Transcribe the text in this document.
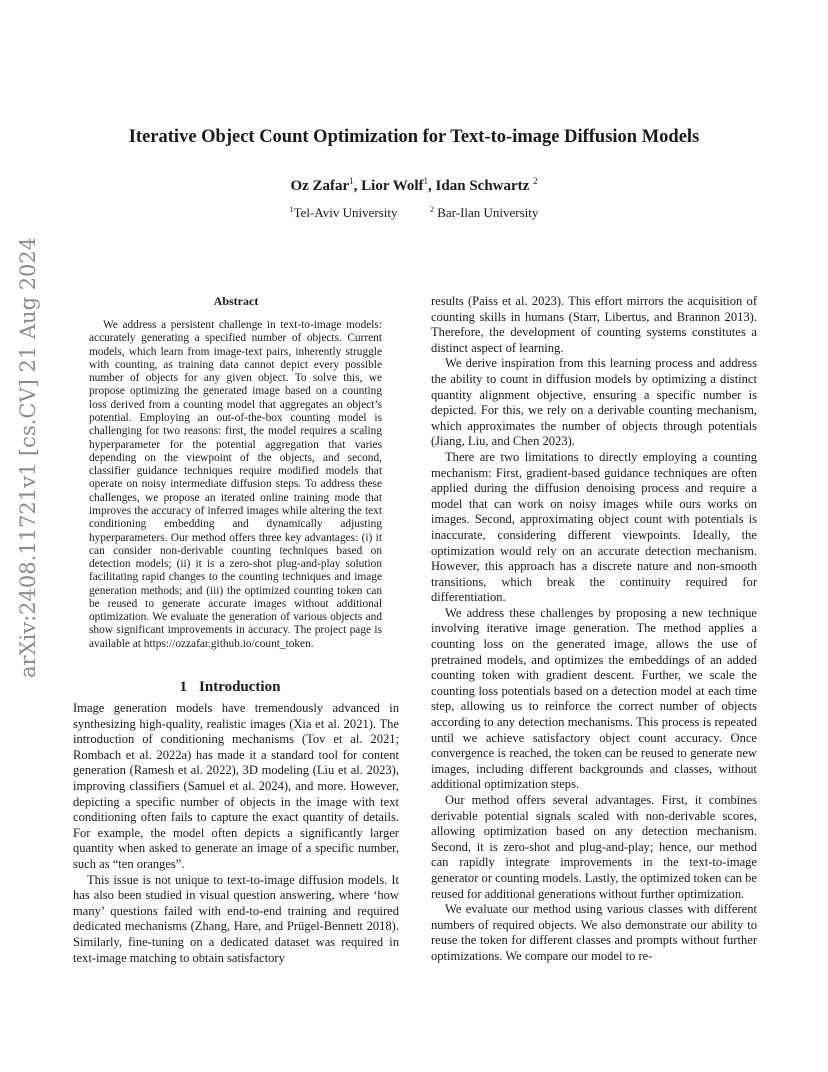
Iterative Object Count Optimization for Text-to-image Diffusion Models
Oz Zafar$^1$, Lior Wolf$^1$, Idan Schwartz $^2$
$^1$Tel-Aviv University	$^2$ Bar-Ilan University
arXiv:2408.11721v1 [cs.CV] 21 Aug 2024	Abstract

We address a persistent challenge in text-to-image models: accurately generating a specified number of objects. Current models, which learn from image-text pairs, inherently struggle with counting, as training data cannot depict every possible number of objects for any given object. To solve this, we propose optimizing the generated image based on a counting loss derived from a counting model that aggregates an object’s potential. Employing an out-of-the-box counting model is challenging for two reasons: first, the model requires a scaling hyperparameter for the potential aggregation that varies depending on the viewpoint of the objects, and second, classifier guidance techniques require modified models that operate on noisy intermediate diffusion steps. To address these challenges, we propose an iterated online training mode that improves the accuracy of inferred images while altering the text conditioning embedding and dynamically adjusting hyperparameters. Our method offers three key advantages: (i) it can consider non-derivable counting techniques based on detection models; (ii) it is a zero-shot plug-and-play solution facilitating rapid changes to the counting techniques and image generation methods; and (iii) the optimized counting token can be reused to generate accurate images without additional optimization. We evaluate the generation of various objects and show significant improvements in accuracy. The project page is available at https://ozzafar.github.io/count_token.

1 Introduction

Image generation models have tremendously advanced in synthesizing high-quality, realistic images (Xia et al. 2021). The introduction of conditioning mechanisms (Tov et al. 2021; Rombach et al. 2022a) has made it a standard tool for content generation (Ramesh et al. 2022), 3D modeling (Liu et al. 2023), improving classifiers (Samuel et al. 2024), and more. However, depicting a specific number of objects in the image with text conditioning often fails to capture the exact quantity of details. For example, the model often depicts a significantly larger quantity when asked to generate an image of a specific number, such as “ten oranges”.

This issue is not unique to text-to-image diffusion models. It has also been studied in visual question answering, where ‘how many’ questions failed with end-to-end training and required dedicated mechanisms (Zhang, Hare, and Prügel-Bennett 2018). Similarly, fine-tuning on a dedicated dataset was required in text-image matching to obtain satisfactory

results (Paiss et al. 2023). This effort mirrors the acquisition of counting skills in humans (Starr, Libertus, and Brannon 2013). Therefore, the development of counting systems constitutes a distinct aspect of learning.

We derive inspiration from this learning process and address the ability to count in diffusion models by optimizing a distinct quantity alignment objective, ensuring a specific number is depicted. For this, we rely on a derivable counting mechanism, which approximates the number of objects through potentials (Jiang, Liu, and Chen 2023).

There are two limitations to directly employing a counting mechanism: First, gradient-based guidance techniques are often applied during the diffusion denoising process and require a model that can work on noisy images while ours works on images. Second, approximating object count with potentials is inaccurate, considering different viewpoints. Ideally, the optimization would rely on an accurate detection mechanism. However, this approach has a discrete nature and non-smooth transitions, which break the continuity required for differentiation.

We address these challenges by proposing a new technique involving iterative image generation. The method applies a counting loss on the generated image, allows the use of pretrained models, and optimizes the embeddings of an added counting token with gradient descent. Further, we scale the counting loss potentials based on a detection model at each time step, allowing us to reinforce the correct number of objects according to any detection mechanisms. This process is repeated until we achieve satisfactory object count accuracy. Once convergence is reached, the token can be reused to generate new images, including different backgrounds and classes, without additional optimization steps.

Our method offers several advantages. First, it combines derivable potential signals scaled with non-derivable scores, allowing optimization based on any detection mechanism. Second, it is zero-shot and plug-and-play; hence, our method can rapidly integrate improvements in the text-to-image generator or counting models. Lastly, the optimized token can be reused for additional generations without further optimization.

We evaluate our method using various classes with different numbers of required objects. We also demonstrate our ability to reuse the token for different classes and prompts without further optimizations. We compare our model to re-
